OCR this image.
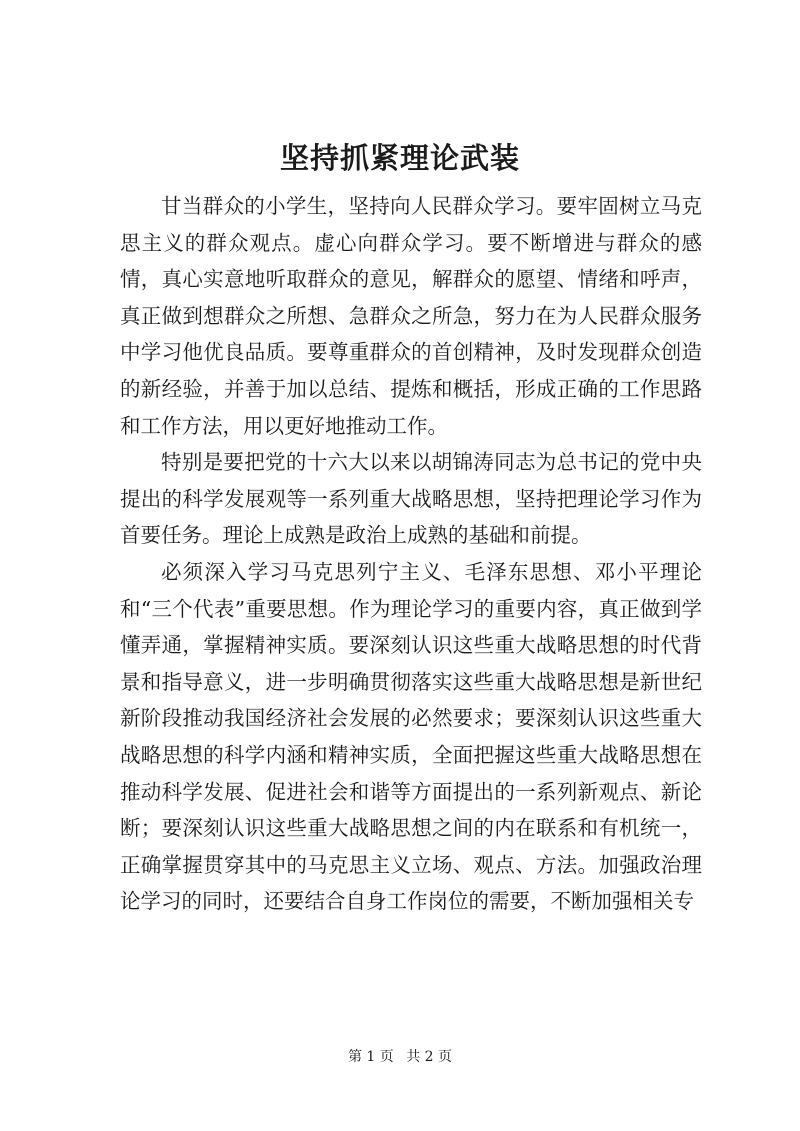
坚持抓紧理论武装

甘当群众的小学生，坚持向人民群众学习。要牢固树立马克思主义的群众观点。虚心向群众学习。要不断增进与群众的感情，真心实意地听取群众的意见，解群众的愿望、情绪和呼声，真正做到想群众之所想、急群众之所急，努力在为人民群众服务中学习他优良品质。要尊重群众的首创精神，及时发现群众创造的新经验，并善于加以总结、提炼和概括，形成正确的工作思路和工作方法，用以更好地推动工作。

特别是要把党的十六大以来以胡锦涛同志为总书记的党中央提出的科学发展观等一系列重大战略思想，坚持把理论学习作为首要任务。理论上成熟是政治上成熟的基础和前提。

必须深入学习马克思列宁主义、毛泽东思想、邓小平理论和“三个代表”重要思想。作为理论学习的重要内容，真正做到学懂弄通，掌握精神实质。要深刻认识这些重大战略思想的时代背景和指导意义，进一步明确贯彻落实这些重大战略思想是新世纪新阶段推动我国经济社会发展的必然要求；要深刻认识这些重大战略思想的科学内涵和精神实质，全面把握这些重大战略思想在推动科学发展、促进社会和谐等方面提出的一系列新观点、新论断；要深刻认识这些重大战略思想之间的内在联系和有机统一，正确掌握贯穿其中的马克思主义立场、观点、方法。加强政治理论学习的同时，还要结合自身工作岗位的需要，不断加强相关专

第 1 页 共 2 页
